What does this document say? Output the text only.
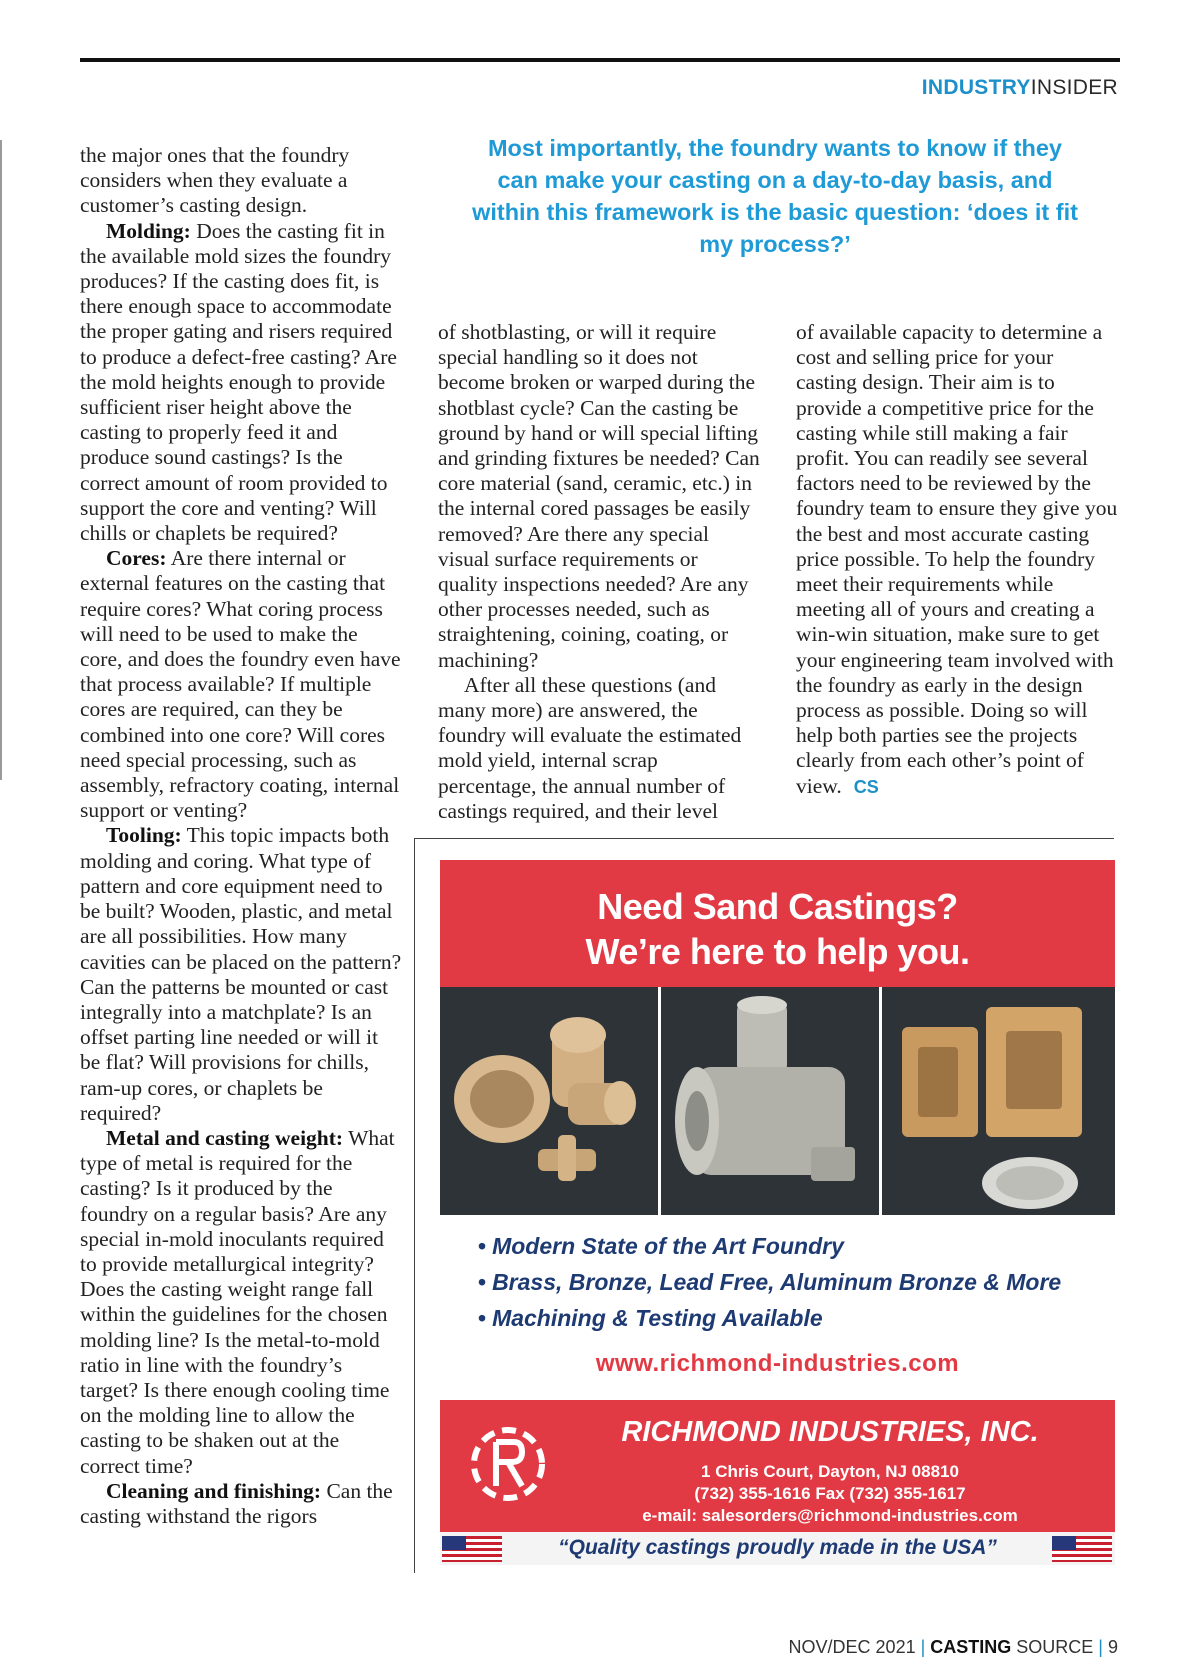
INDUSTRYINSIDER

the major ones that the foundry considers when they evaluate a customer’s casting design.

Molding: Does the casting fit in the available mold sizes the foundry produces? If the casting does fit, is there enough space to accommodate the proper gating and risers required to produce a defect-free casting? Are the mold heights enough to provide sufficient riser height above the casting to properly feed it and produce sound castings? Is the correct amount of room provided to support the core and venting? Will chills or chaplets be required?

Cores: Are there internal or external features on the casting that require cores? What coring process will need to be used to make the core, and does the foundry even have that process available? If multiple cores are required, can they be combined into one core? Will cores need special processing, such as assembly, refractory coating, internal support or venting?

Tooling: This topic impacts both molding and coring. What type of pattern and core equipment need to be built? Wooden, plastic, and metal are all possibilities. How many cavities can be placed on the pattern? Can the patterns be mounted or cast integrally into a matchplate? Is an offset parting line needed or will it be flat? Will provisions for chills, ram-up cores, or chaplets be required?

Metal and casting weight: What type of metal is required for the casting? Is it produced by the foundry on a regular basis? Are any special in-mold inoculants required to provide metallurgical integrity? Does the casting weight range fall within the guidelines for the chosen molding line? Is the metal-to-mold ratio in line with the foundry’s target? Is there enough cooling time on the molding line to allow the casting to be shaken out at the correct time?

Cleaning and finishing: Can the casting withstand the rigors

Most importantly, the foundry wants to know if they can make your casting on a day-to-day basis, and within this framework is the basic question: ‘does it fit my process?’

of shotblasting, or will it require special handling so it does not become broken or warped during the shotblast cycle? Can the casting be ground by hand or will special lifting and grinding fixtures be needed? Can core material (sand, ceramic, etc.) in the internal cored passages be easily removed? Are there any special visual surface requirements or quality inspections needed? Are any other processes needed, such as straightening, coining, coating, or machining?

After all these questions (and many more) are answered, the foundry will evaluate the estimated mold yield, internal scrap percentage, the annual number of castings required, and their level

of available capacity to determine a cost and selling price for your casting design. Their aim is to provide a competitive price for the casting while still making a fair profit. You can readily see several factors need to be reviewed by the foundry team to ensure they give you the best and most accurate casting price possible. To help the foundry meet their requirements while meeting all of yours and creating a win-win situation, make sure to get your engineering team involved with the foundry as early in the design process as possible. Doing so will help both parties see the projects clearly from each other’s point of view. CS

Need Sand Castings?
We’re here to help you.
• Modern State of the Art Foundry
• Brass, Bronze, Lead Free, Aluminum Bronze & More
• Machining & Testing Available
www.richmond-industries.com
RICHMOND INDUSTRIES, INC.
1 Chris Court, Dayton, NJ 08810
(732) 355-1616 Fax (732) 355-1617
e-mail: salesorders@richmond-industries.com
“Quality castings proudly made in the USA”
NOV/DEC 2021 | CASTING SOURCE | 9
